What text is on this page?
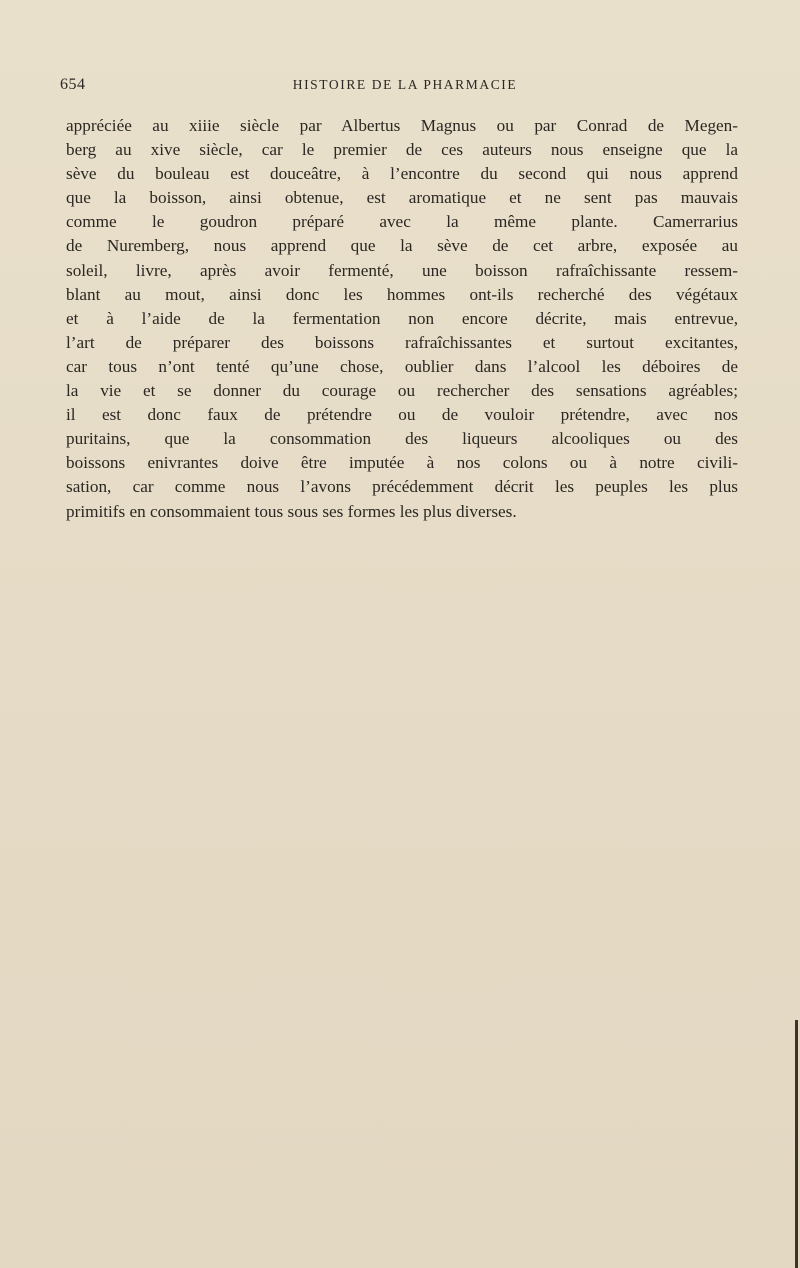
654	HISTOIRE DE LA PHARMACIE
appréciée au xiiie siècle par Albertus Magnus ou par Conrad de Megen-
berg au xive siècle, car le premier de ces auteurs nous enseigne que la
sève du bouleau est douceâtre, à l’encontre du second qui nous apprend
que la boisson, ainsi obtenue, est aromatique et ne sent pas mauvais
comme le goudron préparé avec la même plante. Camerrarius
de Nuremberg, nous apprend que la sève de cet arbre, exposée au
soleil, livre, après avoir fermenté, une boisson rafraîchissante ressem-
blant au mout, ainsi donc les hommes ont-ils recherché des végétaux
et à l’aide de la fermentation non encore décrite, mais entrevue,
l’art de préparer des boissons rafraîchissantes et surtout excitantes,
car tous n’ont tenté qu’une chose, oublier dans l’alcool les déboires de
la vie et se donner du courage ou rechercher des sensations agréables;
il est donc faux de prétendre ou de vouloir prétendre, avec nos
puritains, que la consommation des liqueurs alcooliques ou des
boissons enivrantes doive être imputée à nos colons ou à notre civili-
sation, car comme nous l’avons précédemment décrit les peuples les plus
primitifs en consommaient tous sous ses formes les plus diverses.
